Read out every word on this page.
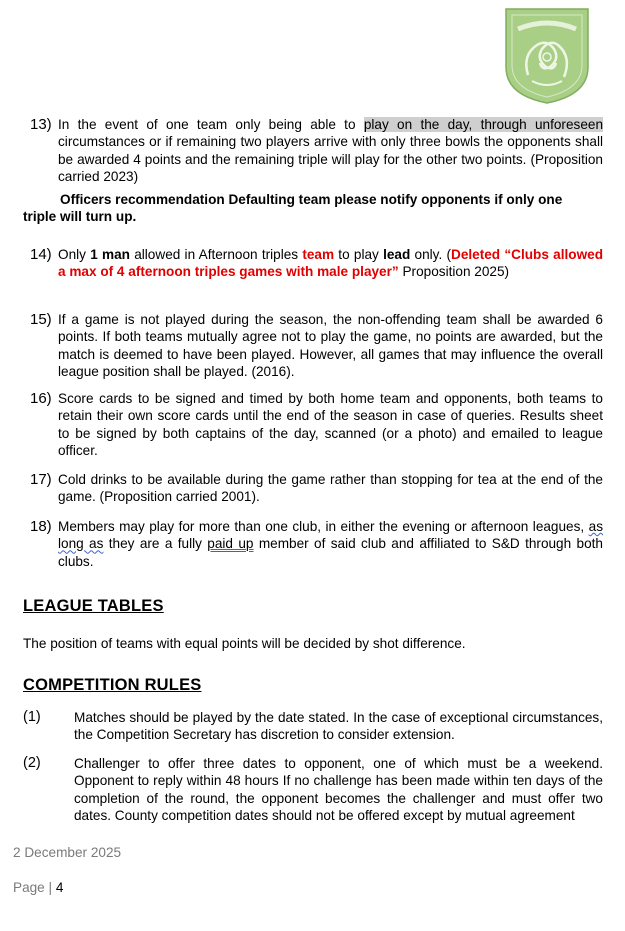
13) In the event of one team only being able to play on the day, through unforeseen circumstances or if remaining two players arrive with only three bowls the opponents shall be awarded 4 points and the remaining triple will play for the other two points. (Proposition carried 2023)
Officers recommendation Defaulting team please notify opponents if only one triple will turn up.
14) Only 1 man allowed in Afternoon triples team to play lead only. (Deleted “Clubs allowed a max of 4 afternoon triples games with male player” Proposition 2025)
15) If a game is not played during the season, the non-offending team shall be awarded 6 points. If both teams mutually agree not to play the game, no points are awarded, but the match is deemed to have been played. However, all games that may influence the overall league position shall be played. (2016).
16) Score cards to be signed and timed by both home team and opponents, both teams to retain their own score cards until the end of the season in case of queries. Results sheet to be signed by both captains of the day, scanned (or a photo) and emailed to league officer.
17) Cold drinks to be available during the game rather than stopping for tea at the end of the game. (Proposition carried 2001).
18) Members may play for more than one club, in either the evening or afternoon leagues, as long as they are a fully paid up member of said club and affiliated to S&D through both clubs.
LEAGUE TABLES
The position of teams with equal points will be decided by shot difference.
COMPETITION RULES
(1) Matches should be played by the date stated. In the case of exceptional circumstances, the Competition Secretary has discretion to consider extension.
(2) Challenger to offer three dates to opponent, one of which must be a weekend. Opponent to reply within 48 hours If no challenge has been made within ten days of the completion of the round, the opponent becomes the challenger and must offer two dates. County competition dates should not be offered except by mutual agreement
2 December 2025
Page | 4
